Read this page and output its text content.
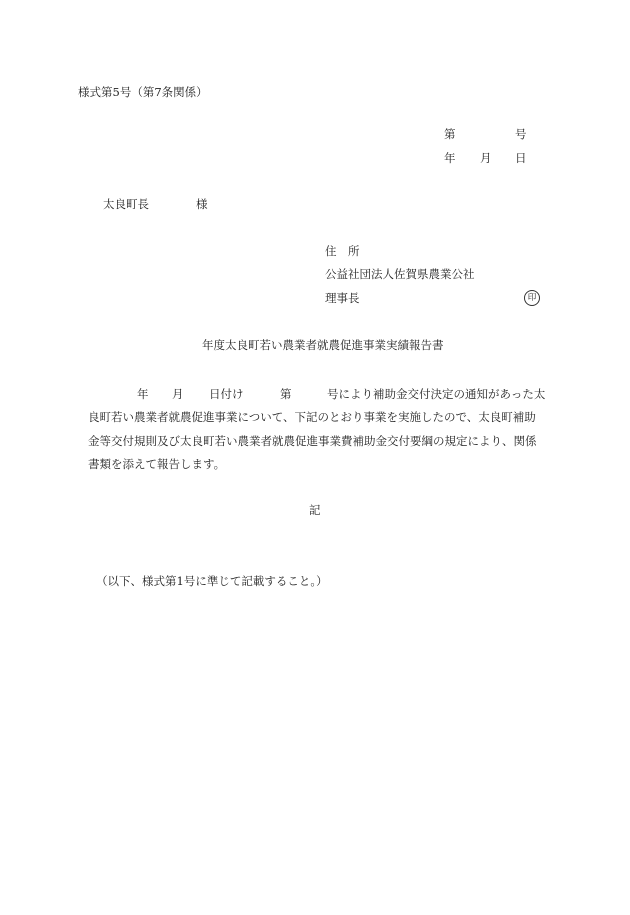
様式第5号（第7条関係）
第	号
年 月 日
太良町長	様
住　所
公益社団法人佐賀県農業公社
理事長	印
年度太良町若い農業者就農促進事業実績報告書
年 月 日付け	第	号により補助金交付決定の通知があった太
良町若い農業者就農促進事業について、下記のとおり事業を実施したので、太良町補助
金等交付規則及び太良町若い農業者就農促進事業費補助金交付要綱の規定により、関係
書類を添えて報告します。
記
（以下、様式第1号に準じて記載すること。）
